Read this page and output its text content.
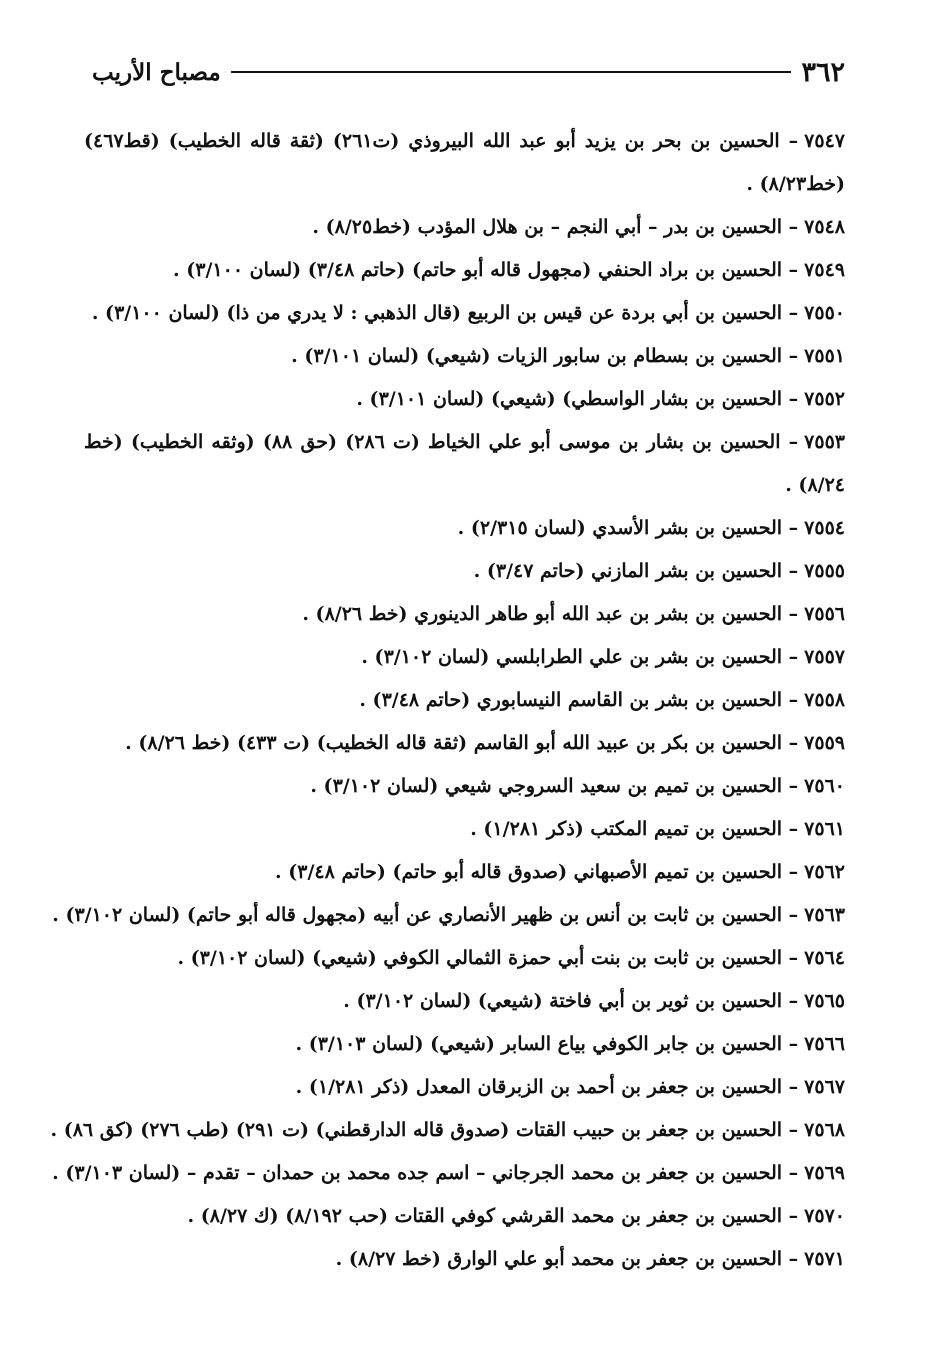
٣٦٢
مصباح الأريب
٧٥٤٧– الحسين بن بحر بن يزيد أبو عبد الله البيروذي (ت٢٦١) (ثقة قاله الخطيب) (قط٤٦٧) (خط٨/٢٣) .
٧٥٤٨– الحسين بن بدر – أبي النجم – بن هلال المؤدب (خط٨/٢٥) .
٧٥٤٩– الحسين بن براد الحنفي (مجهول قاله أبو حاتم) (حاتم ٣/٤٨) (لسان ٣/١٠٠) .
٧٥٥٠– الحسين بن أبي بردة عن قيس بن الربيع (قال الذهبي : لا يدري من ذا) (لسان ٣/١٠٠) .
٧٥٥١– الحسين بن بسطام بن سابور الزيات (شيعي) (لسان ٣/١٠١) .
٧٥٥٢– الحسين بن بشار الواسطي) (شيعي) (لسان ٣/١٠١) .
٧٥٥٣– الحسين بن بشار بن موسى أبو علي الخياط (ت ٢٨٦) (حق ٨٨) (وثقه الخطيب) (خط ٨/٢٤) .
٧٥٥٤– الحسين بن بشر الأسدي (لسان ٢/٣١٥) .
٧٥٥٥– الحسين بن بشر المازني (حاتم ٣/٤٧) .
٧٥٥٦– الحسين بن بشر بن عبد الله أبو طاهر الدينوري (خط ٨/٢٦) .
٧٥٥٧– الحسين بن بشر بن علي الطرابلسي (لسان ٣/١٠٢) .
٧٥٥٨– الحسين بن بشر بن القاسم النيسابوري (حاتم ٣/٤٨) .
٧٥٥٩– الحسين بن بكر بن عبيد الله أبو القاسم (ثقة قاله الخطيب) (ت ٤٣٣) (خط ٨/٢٦) .
٧٥٦٠– الحسين بن تميم بن سعيد السروجي شيعي (لسان ٣/١٠٢) .
٧٥٦١– الحسين بن تميم المكتب (ذكر ١/٢٨١) .
٧٥٦٢– الحسين بن تميم الأصبهاني (صدوق قاله أبو حاتم) (حاتم ٣/٤٨) .
٧٥٦٣– الحسين بن ثابت بن أنس بن ظهير الأنصاري عن أبيه (مجهول قاله أبو حاتم) (لسان ٣/١٠٢) .
٧٥٦٤– الحسين بن ثابت بن بنت أبي حمزة الثمالي الكوفي (شيعي) (لسان ٣/١٠٢) .
٧٥٦٥– الحسين بن ثوير بن أبي فاختة (شيعي) (لسان ٣/١٠٢) .
٧٥٦٦– الحسين بن جابر الكوفي بياع السابر (شيعي) (لسان ٣/١٠٣) .
٧٥٦٧– الحسين بن جعفر بن أحمد بن الزبرقان المعدل (ذكر ١/٢٨١) .
٧٥٦٨– الحسين بن جعفر بن حبيب القتات (صدوق قاله الدارقطني) (ت ٢٩١) (طب ٢٧٦) (كق ٨٦) .
٧٥٦٩– الحسين بن جعفر بن محمد الجرجاني – اسم جده محمد بن حمدان – تقدم – (لسان ٣/١٠٣) .
٧٥٧٠– الحسين بن جعفر بن محمد القرشي كوفي القتات (حب ٨/١٩٢) (ك ٨/٢٧) .
٧٥٧١– الحسين بن جعفر بن محمد أبو علي الوارق (خط ٨/٢٧) .
